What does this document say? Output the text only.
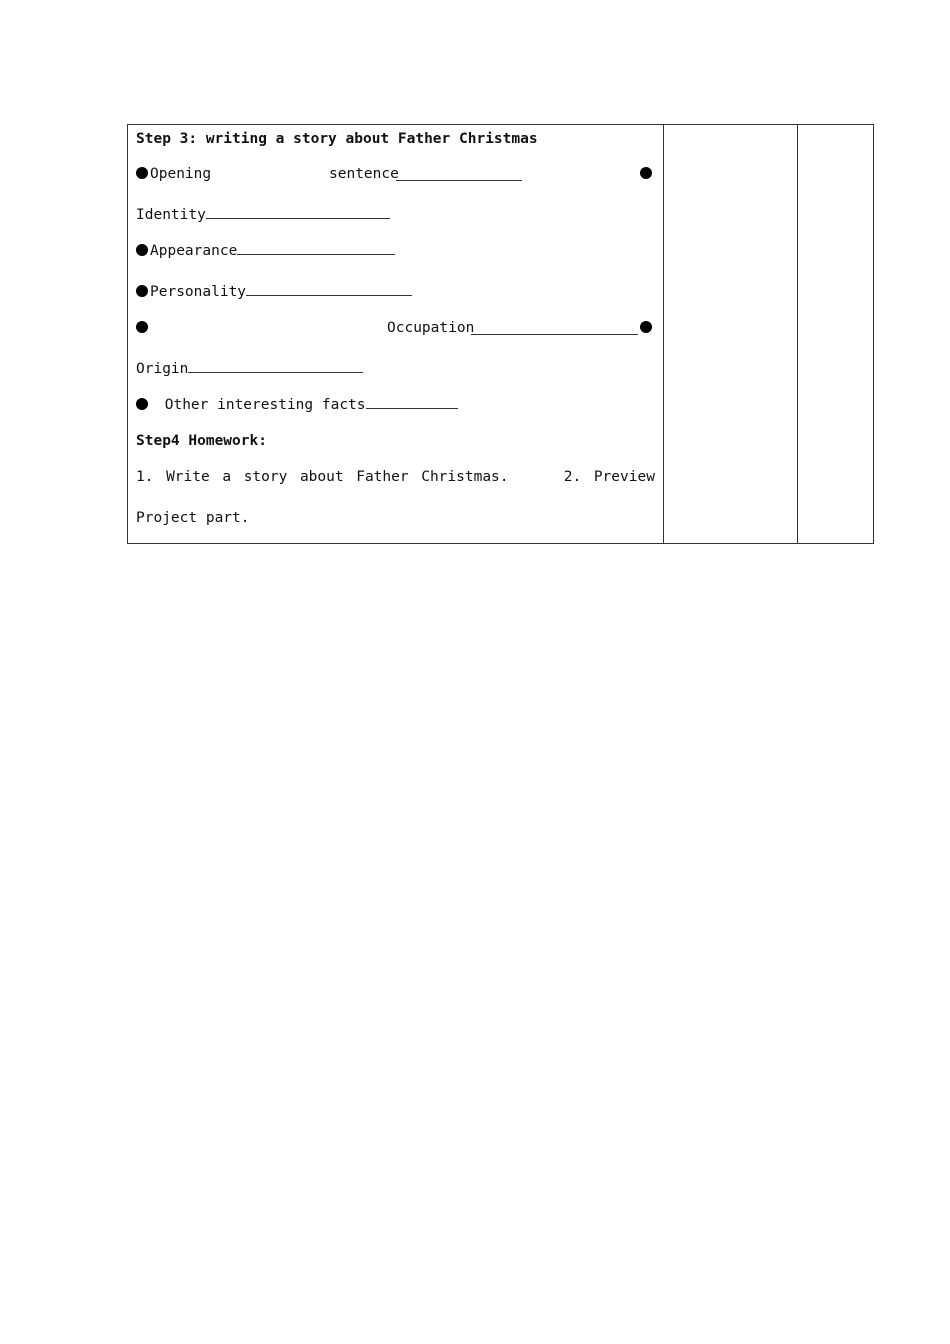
Step 3: writing a story about Father Christmas
Opening	sentence
Identity
Appearance
Personality
Occupation
Origin
Other interesting facts
Step4 Homework:
1. Write a story about Father Christmas.	2. Preview
Project part.
